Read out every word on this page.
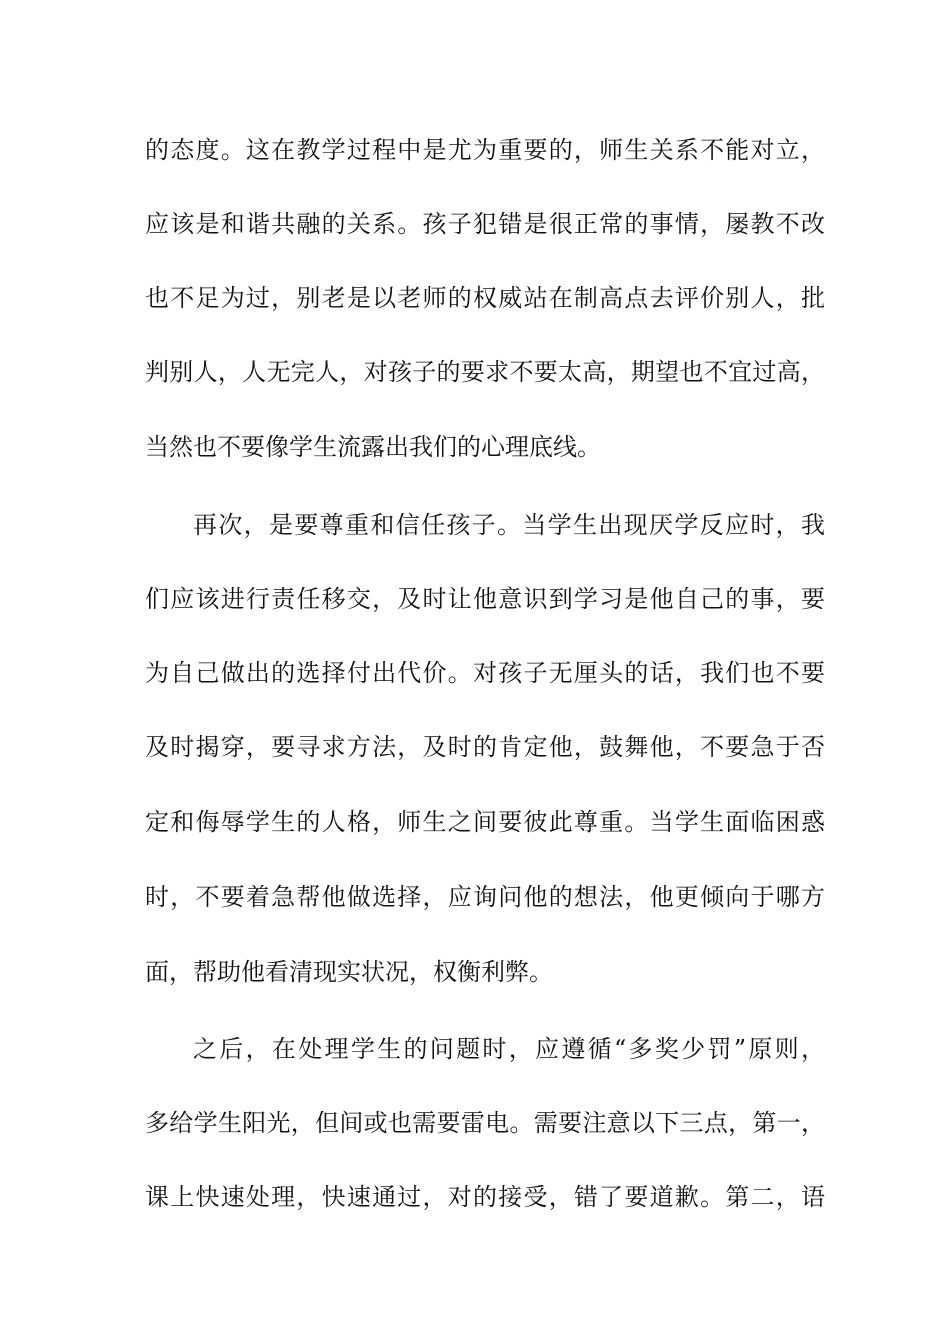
的态度。这在教学过程中是尤为重要的，师生关系不能对立，
应该是和谐共融的关系。孩子犯错是很正常的事情，屡教不改
也不足为过，别老是以老师的权威站在制高点去评价别人，批
判别人，人无完人，对孩子的要求不要太高，期望也不宜过高，
当然也不要像学生流露出我们的心理底线。
再次，是要尊重和信任孩子。当学生出现厌学反应时，我
们应该进行责任移交，及时让他意识到学习是他自己的事，要
为自己做出的选择付出代价。对孩子无厘头的话，我们也不要
及时揭穿，要寻求方法，及时的肯定他，鼓舞他，不要急于否
定和侮辱学生的人格，师生之间要彼此尊重。当学生面临困惑
时，不要着急帮他做选择，应询问他的想法，他更倾向于哪方
面，帮助他看清现实状况，权衡利弊。
之后，在处理学生的问题时，应遵循“多奖少罚”原则，
多给学生阳光，但间或也需要雷电。需要注意以下三点，第一，
课上快速处理，快速通过，对的接受，错了要道歉。第二，语
